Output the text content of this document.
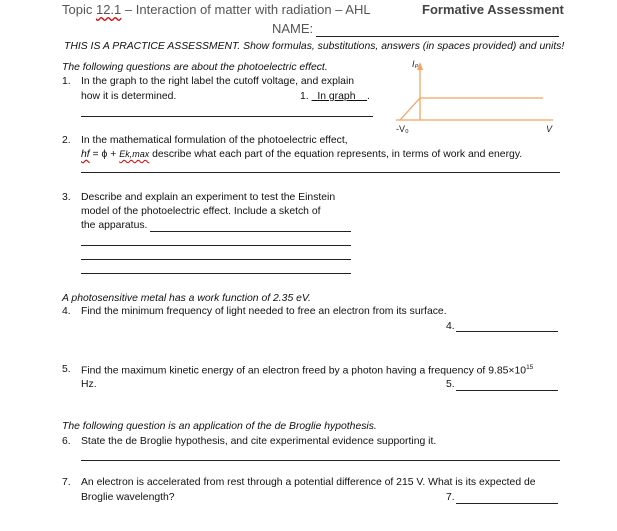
Topic 12.1 – Interaction of matter with radiation – AHL	Formative Assessment
NAME:
THIS IS A PRACTICE ASSESSMENT. Show formulas, substitutions, answers (in spaces provided) and units!
The following questions are about the photoelectric effect.
1. In the graph to the right label the cutoff voltage, and explain
how it is determined.	1. In graph .
Iₚ
-V₀	V
2. In the mathematical formulation of the photoelectric effect,
hf = ϕ + Ek,max describe what each part of the equation represents, in terms of work and energy.
3. Describe and explain an experiment to test the Einstein
model of the photoelectric effect. Include a sketch of
the apparatus.
A photosensitive metal has a work function of 2.35 eV.
4. Find the minimum frequency of light needed to free an electron from its surface.
4.
5. Find the maximum kinetic energy of an electron freed by a photon having a frequency of $9.85\times 10^{15}$
Hz.	5.
The following question is an application of the de Broglie hypothesis.
6. State the de Broglie hypothesis, and cite experimental evidence supporting it.
7. An electron is accelerated from rest through a potential difference of 215 V. What is its expected de
Broglie wavelength?	7.
